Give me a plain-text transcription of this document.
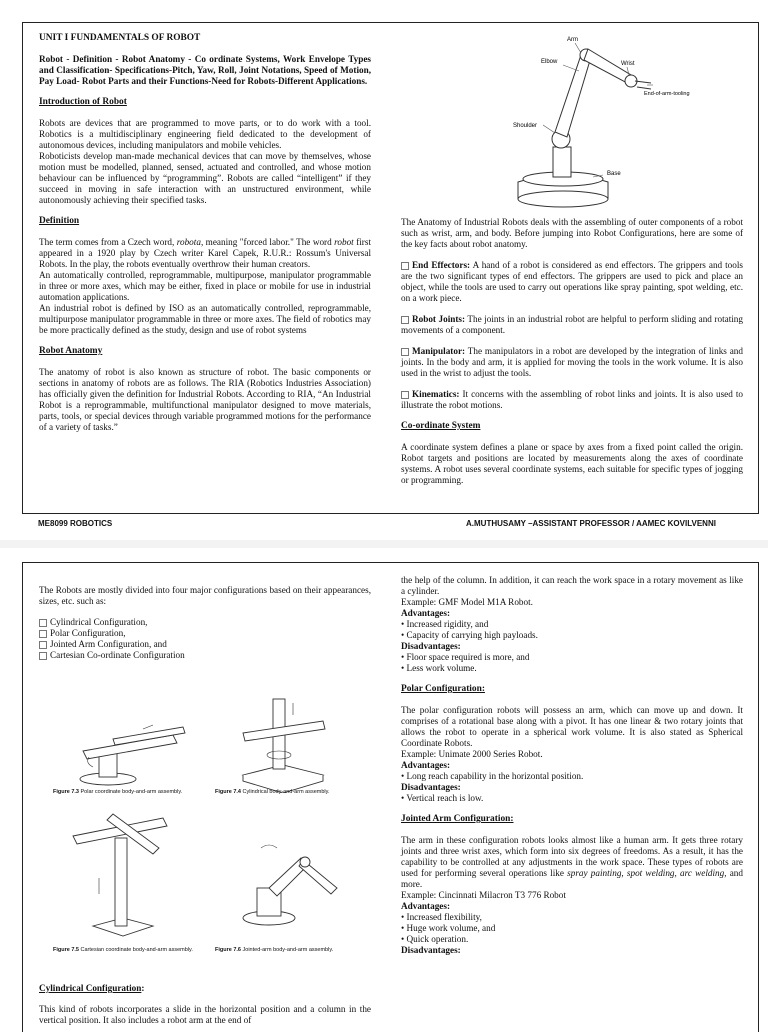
UNIT I FUNDAMENTALS OF ROBOT

Robot - Definition - Robot Anatomy - Co ordinate Systems, Work Envelope Types and Classification- Specifications-Pitch, Yaw, Roll, Joint Notations, Speed of Motion, Pay Load- Robot Parts and their Functions-Need for Robots-Different Applications.

Introduction of Robot

Robots are devices that are programmed to move parts, or to do work with a tool. Robotics is a multidisciplinary engineering field dedicated to the development of autonomous devices, including manipulators and mobile vehicles.

Roboticists develop man-made mechanical devices that can move by themselves, whose motion must be modelled, planned, sensed, actuated and controlled, and whose motion behaviour can be influenced by “programming”. Robots are called “intelligent” if they succeed in moving in safe interaction with an unstructured environment, while autonomously achieving their specified tasks.

Definition

The term comes from a Czech word, robota, meaning "forced labor." The word robot first appeared in a 1920 play by Czech writer Karel Capek, R.U.R.: Rossum's Universal Robots. In the play, the robots eventually overthrow their human creators.

An automatically controlled, reprogrammable, multipurpose, manipulator programmable in three or more axes, which may be either, fixed in place or mobile for use in industrial automation applications.

An industrial robot is defined by ISO as an automatically controlled, reprogrammable, multipurpose manipulator programmable in three or more axes. The field of robotics may be more practically defined as the study, design and use of robot systems

Robot Anatomy

The anatomy of robot is also known as structure of robot. The basic components or sections in anatomy of robots are as follows. The RIA (Robotics Industries Association) has officially given the definition for Industrial Robots. According to RIA, “An Industrial Robot is a reprogrammable, multifunctional manipulator designed to move materials, parts, tools, or special devices through variable programmed motions for the performance of a variety of tasks.”

Arm
Elbow	Wrist
Shoulder
End-of-arm-tooling
Base

The Anatomy of Industrial Robots deals with the assembling of outer components of a robot such as wrist, arm, and body. Before jumping into Robot Configurations, here are some of the key facts about robot anatomy.

End Effectors: A hand of a robot is considered as end effectors. The grippers and tools are the two significant types of end effectors. The grippers are used to pick and place an object, while the tools are used to carry out operations like spray painting, spot welding, etc. on a work piece.

Robot Joints: The joints in an industrial robot are helpful to perform sliding and rotating movements of a component.

Manipulator: The manipulators in a robot are developed by the integration of links and joints. In the body and arm, it is applied for moving the tools in the work volume. It is also used in the wrist to adjust the tools.

Kinematics: It concerns with the assembling of robot links and joints. It is also used to illustrate the robot motions.

Co-ordinate System

A coordinate system defines a plane or space by axes from a fixed point called the origin. Robot targets and positions are located by measurements along the axes of coordinate systems. A robot uses several coordinate systems, each suitable for specific types of jogging or programming.

ME8099 ROBOTICS	A.MUTHUSAMY –ASSISTANT PROFESSOR / AAMEC KOVILVENNI

The Robots are mostly divided into four major configurations based on their appearances, sizes, etc. such as:

Cylindrical Configuration,
Polar Configuration,
Jointed Arm Configuration, and
Cartesian Co-ordinate Configuration
Figure 7.3 Polar coordinate body-and-arm assembly.	Figure 7.4 Cylindrical body-and-arm assembly.
Figure 7.5 Cartesian coordinate body-and-arm assembly.	Figure 7.6 Jointed-arm body-and-arm assembly.

Cylindrical Configuration:

This kind of robots incorporates a slide in the horizontal position and a column in the vertical position. It also includes a robot arm at the end of

the help of the column. In addition, it can reach the work space in a rotary movement as like a cylinder.

Example: GMF Model M1A Robot.

Advantages:

• Increased rigidity, and

• Capacity of carrying high payloads.

Disadvantages:

• Floor space required is more, and

• Less work volume.

Polar Configuration:

The polar configuration robots will possess an arm, which can move up and down. It comprises of a rotational base along with a pivot. It has one linear & two rotary joints that allows the robot to operate in a spherical work volume. It is also stated as Spherical Coordinate Robots.

Example: Unimate 2000 Series Robot.

Advantages:

• Long reach capability in the horizontal position.

Disadvantages:

• Vertical reach is low.

Jointed Arm Configuration:

The arm in these configuration robots looks almost like a human arm. It gets three rotary joints and three wrist axes, which form into six degrees of freedoms. As a result, it has the capability to be controlled at any adjustments in the work space. These types of robots are used for performing several operations like spray painting, spot welding, arc welding, and more.

Example: Cincinnati Milacron T3 776 Robot

Advantages:

• Increased flexibility,

• Huge work volume, and

• Quick operation.

Disadvantages:
